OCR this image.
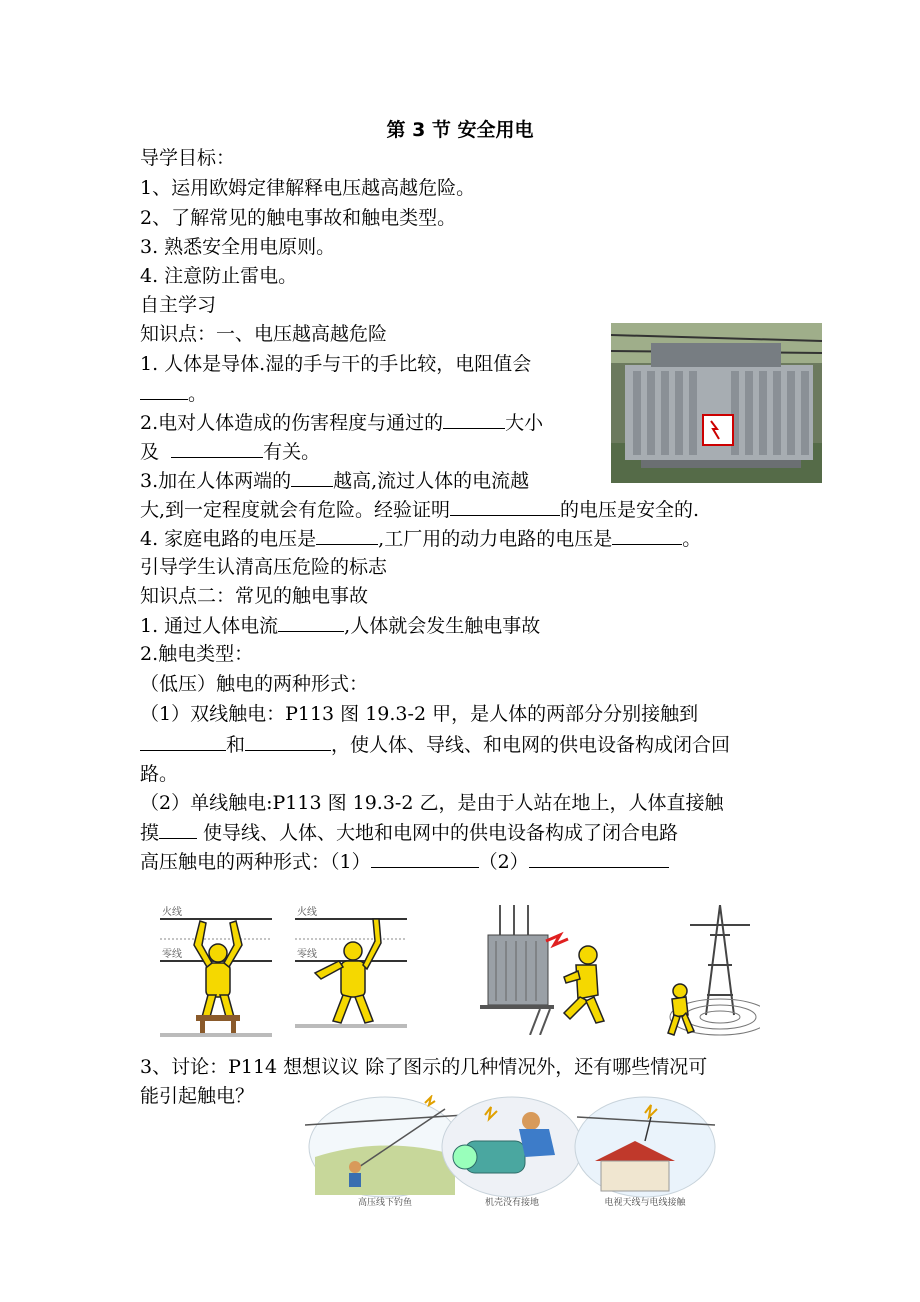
第 3 节 安全用电
导学目标：
1、运用欧姆定律解释电压越高越危险。
2、了解常见的触电事故和触电类型。
3. 熟悉安全用电原则。
4. 注意防止雷电。
自主学习
知识点：一、电压越高越危险
1. 人体是导体.湿的手与干的手比较，电阻值会
。
2.电对人体造成的伤害程度与通过的	大小
及	有关。
3.加在人体两端的 越高,流过人体的电流越
大,到一定程度就会有危险。经验证明	的电压是安全的.
4. 家庭电路的电压是	,工厂用的动力电路的电压是	。
引导学生认清高压危险的标志
知识点二：常见的触电事故
1. 通过人体电流	,人体就会发生触电事故
2.触电类型：
（低压）触电的两种形式：
（1）双线触电：P113 图 19.3-2 甲，是人体的两部分分别接触到
和	，使人体、导线、和电网的供电设备构成闭合回
路。
（2）单线触电:P113 图 19.3-2 乙，是由于人站在地上，人体直接触
摸 使导线、人体、大地和电网中的供电设备构成了闭合电路
高压触电的两种形式：（1）	（2）
3、讨论：P114 想想议议 除了图示的几种情况外，还有哪些情况可
能引起触电？
火线
零线
火线
零线
高压线下钓鱼	机壳没有接地	电视天线与电线接触
